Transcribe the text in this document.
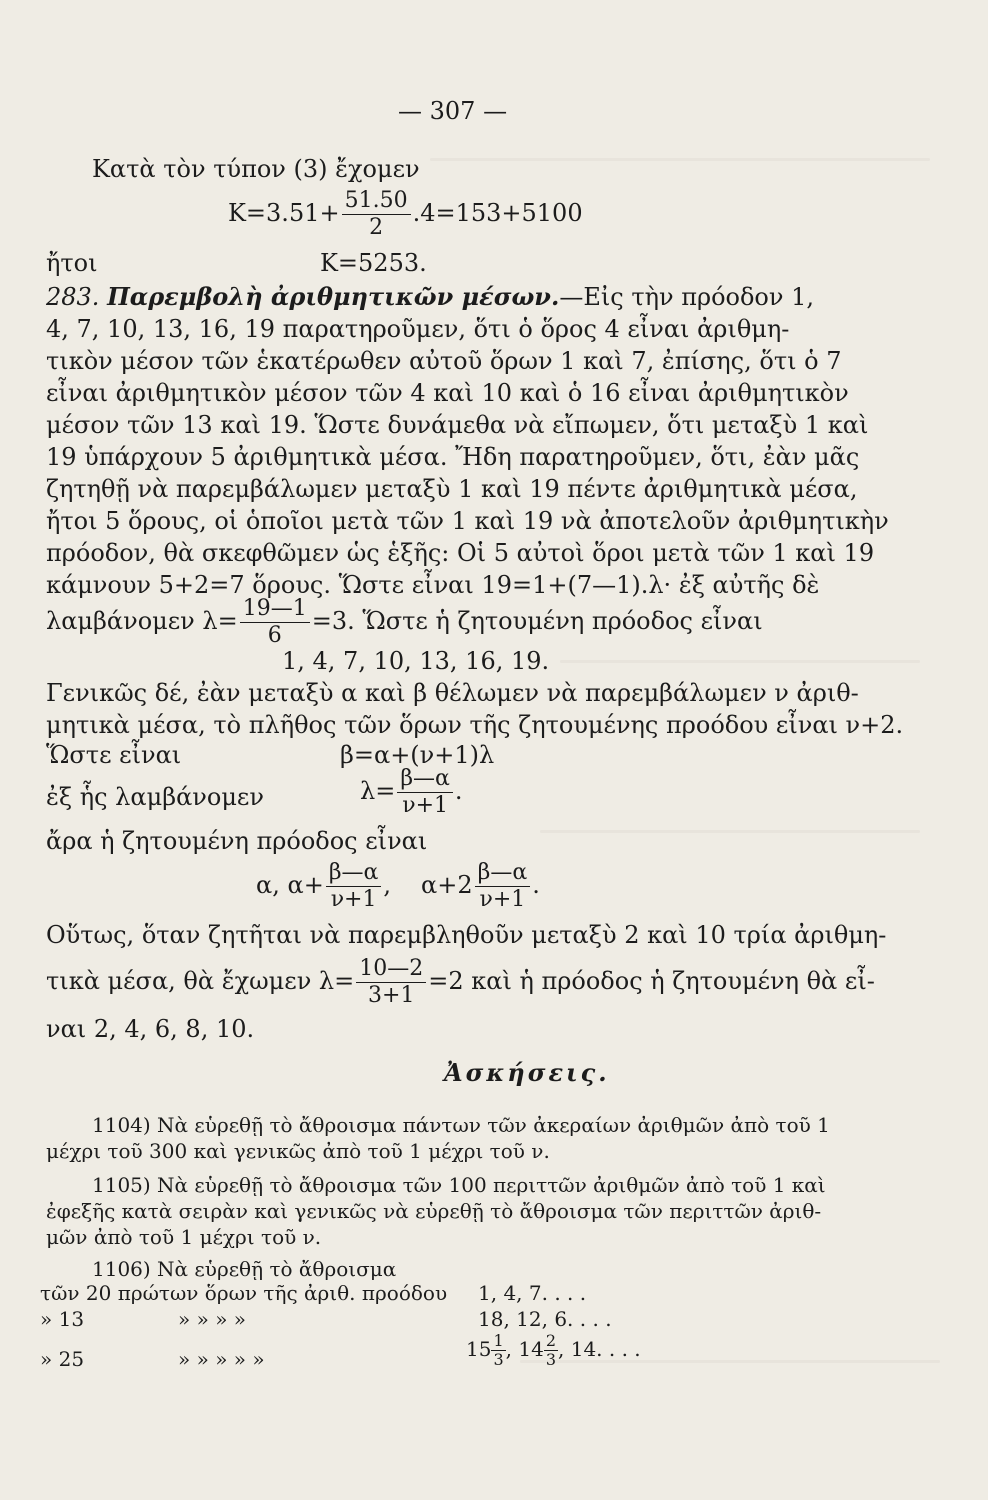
— 307 —
Κατὰ τὸν τύπον (3) ἔχομεν
$K=3.51+ \frac{51.50}{2} .4=153+5100$
ἤτοι	K=5253.
283. Παρεμβολὴ ἀριθμητικῶν μέσων.—Εἰς τὴν πρόοδον 1,
4, 7, 10, 13, 16, 19 παρατηροῦμεν, ὅτι ὁ ὅρος 4 εἶναι ἀριθμη-
τικὸν μέσον τῶν ἑκατέρωθεν αὐτοῦ ὅρων 1 καὶ 7, ἐπίσης, ὅτι ὁ 7
εἶναι ἀριθμητικὸν μέσον τῶν 4 καὶ 10 καὶ ὁ 16 εἶναι ἀριθμητικὸν
μέσον τῶν 13 καὶ 19. Ὥστε δυνάμεθα νὰ εἴπωμεν, ὅτι μεταξὺ 1 καὶ
19 ὑπάρχουν 5 ἀριθμητικὰ μέσα. Ἤδη παρατηροῦμεν, ὅτι, ἐὰν μᾶς
ζητηθῇ νὰ παρεμβάλωμεν μεταξὺ 1 καὶ 19 πέντε ἀριθμητικὰ μέσα,
ἤτοι 5 ὅρους, οἱ ὁποῖοι μετὰ τῶν 1 καὶ 19 νὰ ἀποτελοῦν ἀριθμητικὴν
πρόοδον, θὰ σκεφθῶμεν ὡς ἑξῆς: Οἱ 5 αὐτοὶ ὅροι μετὰ τῶν 1 καὶ 19
κάμνουν 5+2=7 ὅρους. Ὥστε εἶναι 19=1+(7—1).λ· ἐξ αὐτῆς δὲ
λαμβάνομεν $\lambda= \frac{19—1}{6} =3$. Ὥστε ἡ ζητουμένη πρόοδος εἶναι
1, 4, 7, 10, 13, 16, 19.
Γενικῶς δέ, ἐὰν μεταξὺ α καὶ β θέλωμεν νὰ παρεμβάλωμεν ν ἀριθ-
μητικὰ μέσα, τὸ πλῆθος τῶν ὅρων τῆς ζητουμένης προόδου εἶναι ν+2.
Ὥστε εἶναι	β=α+(ν+1)λ
ἐξ ἧς λαμβάνομεν	$\lambda= \frac{\beta—\alpha}{\nu+1}$ .
ἄρα ἡ ζητουμένη πρόοδος εἶναι
α, $\alpha+ \frac{\beta—\alpha}{\nu+1}$ , $\alpha+2 \frac{\beta—\alpha}{\nu+1}$ .
Οὕτως, ὅταν ζητῆται νὰ παρεμβληθοῦν μεταξὺ 2 καὶ 10 τρία ἀριθμη-
τικὰ μέσα, θὰ ἔχωμεν $\lambda= \frac{10—2}{3+1} =2$ καὶ ἡ πρόοδος ἡ ζητουμένη θὰ εἶ-
ναι 2, 4, 6, 8, 10.
Ἀσκήσεις.
1104) Νὰ εὑρεθῇ τὸ ἄθροισμα πάντων τῶν ἀκεραίων ἀριθμῶν ἀπὸ τοῦ 1
μέχρι τοῦ 300 καὶ γενικῶς ἀπὸ τοῦ 1 μέχρι τοῦ ν.
1105) Νὰ εὑρεθῇ τὸ ἄθροισμα τῶν 100 περιττῶν ἀριθμῶν ἀπὸ τοῦ 1 καὶ
ἐφεξῆς κατὰ σειρὰν καὶ γενικῶς νὰ εὑρεθῇ τὸ ἄθροισμα τῶν περιττῶν ἀριθ-
μῶν ἀπὸ τοῦ 1 μέχρι τοῦ ν.
1106) Νὰ εὑρεθῇ τὸ ἄθροισμα
τῶν 20 πρώτων ὅρων τῆς ἀριθ. προόδου 1, 4, 7. . . .
» 13	» » » »	18, 12, 6. . . .
» 25	» » » » »	$15 \frac{1}{3}$ , $14 \frac{2}{3}$ , 14. . . .
